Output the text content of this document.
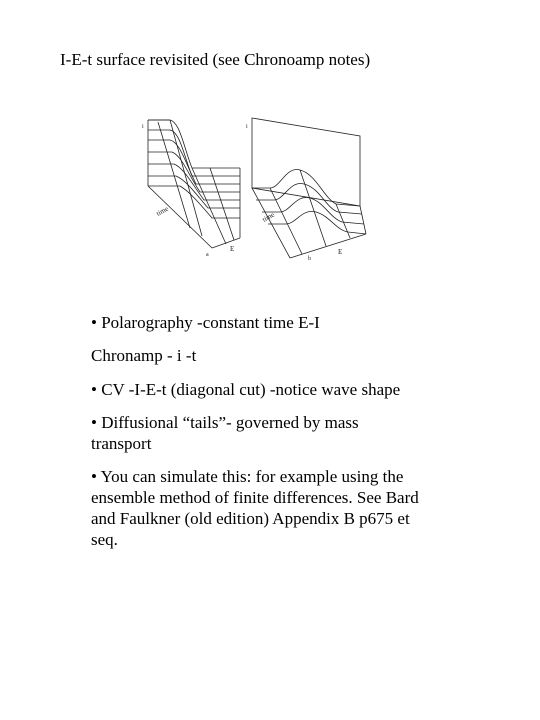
I-E-t surface revisited (see Chronoamp notes)
i
time
E
a
i
time
E
b
• Polarography -constant time E-I
Chronamp - i -t
• CV -I-E-t (diagonal cut) -notice wave shape
• Diffusional “tails”- governed by mass transport
• You can simulate this: for example using the ensemble method of finite differences. See Bard and Faulkner (old edition) Appendix B p675 et seq.
